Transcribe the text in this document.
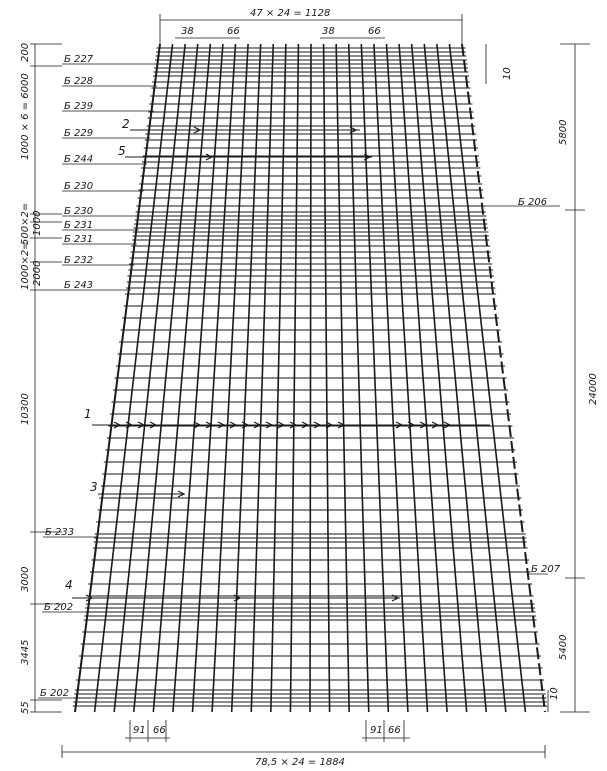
47 × 24 = 1128
38	66	38	66
91 66	91 66
78,5 × 24 = 1884
200
1000 × 6 = 6000
500×2= 1000
1000×2= 2000
10300
3000
3445
55
10
5800
24000
5400
10
Б 227
Б 228
Б 239
Б 229
Б 244
Б 230
Б 230
Б 231
Б 231
Б 232
Б 243
Б 233
Б 202
Б 202
Б 206
Б 207
1
2
3
4
5
